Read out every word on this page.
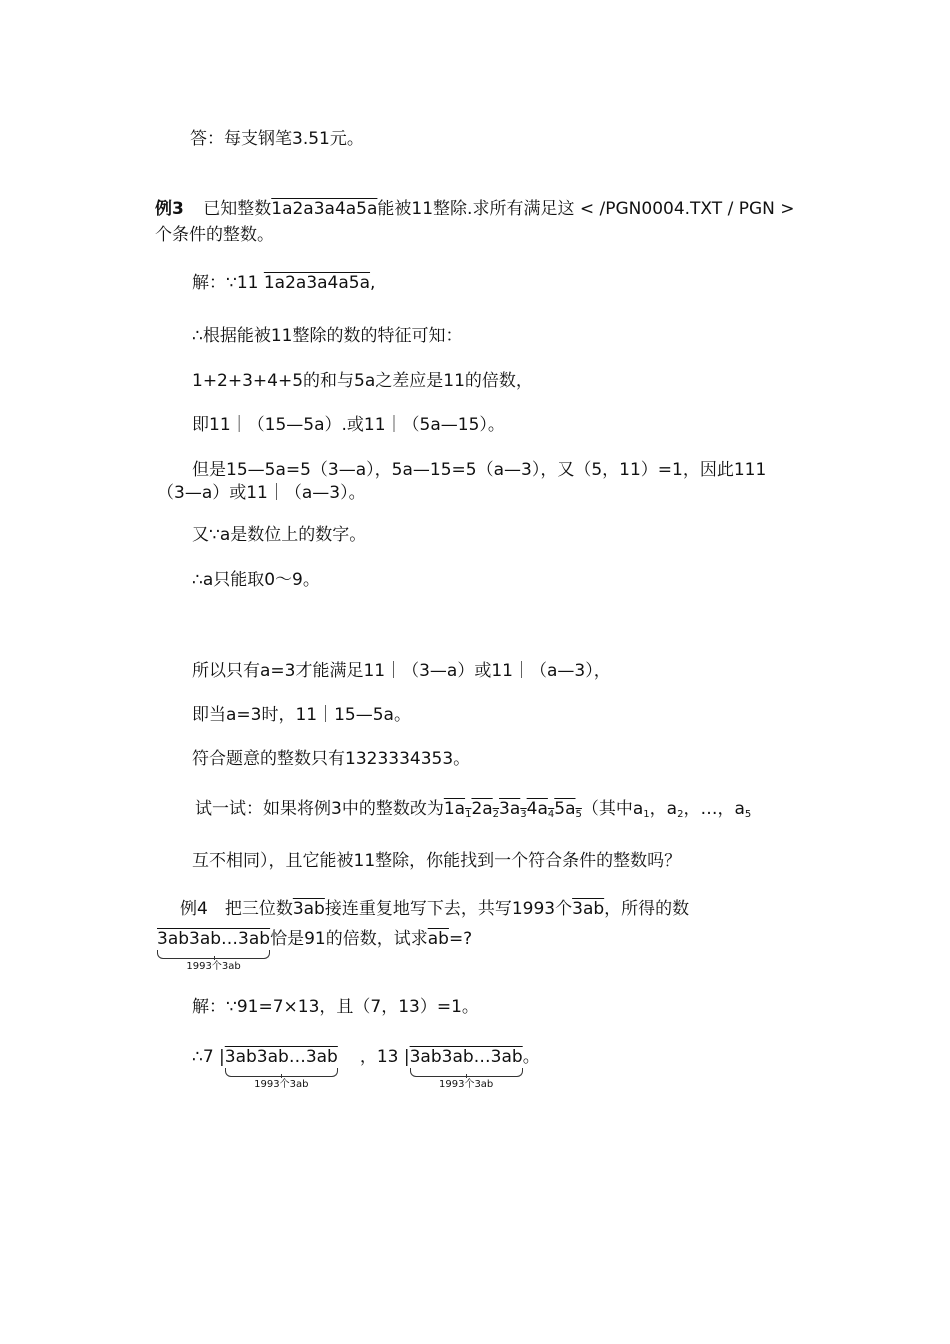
答：每支钢笔3.51元。
例3 已知整数1a2a3a4a5a能被11整除.求所有满足这 < /PGN0004.TXT / PGN >
个条件的整数。
解：∵11 1a2a3a4a5a,
∴根据能被11整除的数的特征可知：
1+2+3+4+5的和与5a之差应是11的倍数，
即11｜（15—5a）.或11｜（5a—15）。
但是15—5a=5（3—a），5a—15=5（a—3），又（5，11）=1，因此111
（3—a）或11｜（a—3）。
又∵a是数位上的数字。
∴a只能取0～9。
所以只有a=3才能满足11｜（3—a）或11｜（a—3），
即当a=3时，11｜15—5a。
符合题意的整数只有1323334353。
试一试：如果将例3中的整数改为$1a_12a_23a_34a_45a_5$（其中$a_1$，$a_2$，…，$a_5$
互不相同），且它能被11整除，你能找到一个符合条件的整数吗？
例4　把三位数3ab接连重复地写下去，共写1993个3ab，所得的数
3ab3ab…3ab
1993个3ab
恰是91的倍数，试求$\overline{ab}=$?
解：∵91=7×13，且（7，13）=1。
∴7 |3ab3ab…3ab
1993个3ab
，13 |3ab3ab…3ab
1993个3ab
。
